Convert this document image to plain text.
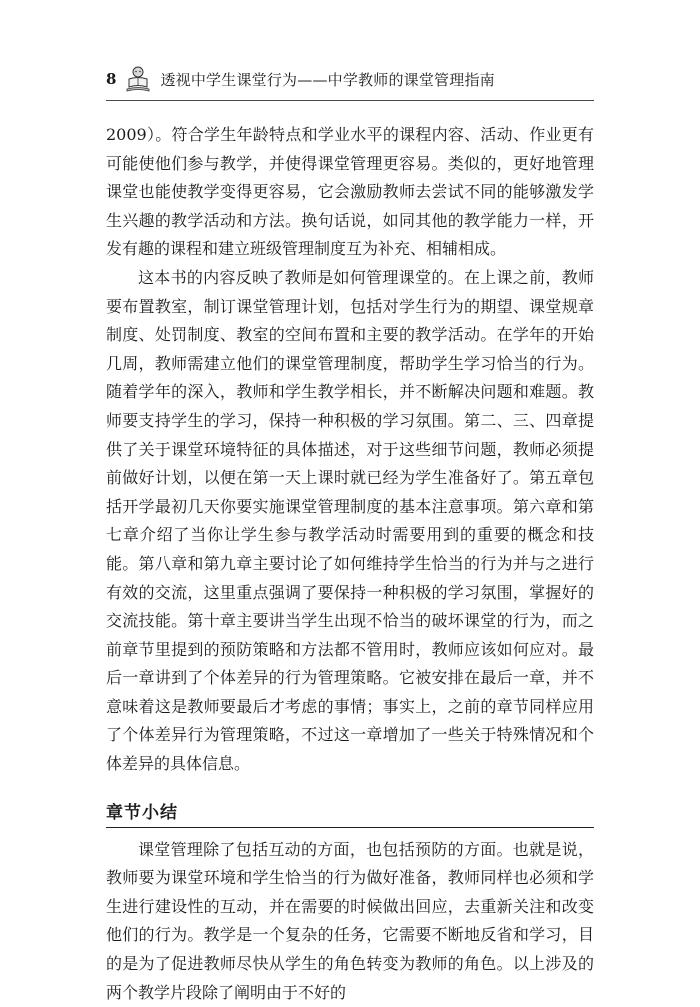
8	透视中学生课堂行为——中学教师的课堂管理指南

2009）。符合学生年龄特点和学业水平的课程内容、活动、作业更有可能使他们参与教学，并使得课堂管理更容易。类似的，更好地管理课堂也能使教学变得更容易，它会激励教师去尝试不同的能够激发学生兴趣的教学活动和方法。换句话说，如同其他的教学能力一样，开发有趣的课程和建立班级管理制度互为补充、相辅相成。

这本书的内容反映了教师是如何管理课堂的。在上课之前，教师要布置教室，制订课堂管理计划，包括对学生行为的期望、课堂规章制度、处罚制度、教室的空间布置和主要的教学活动。在学年的开始几周，教师需建立他们的课堂管理制度，帮助学生学习恰当的行为。随着学年的深入，教师和学生教学相长，并不断解决问题和难题。教师要支持学生的学习，保持一种积极的学习氛围。第二、三、四章提供了关于课堂环境特征的具体描述，对于这些细节问题，教师必须提前做好计划，以便在第一天上课时就已经为学生准备好了。第五章包括开学最初几天你要实施课堂管理制度的基本注意事项。第六章和第七章介绍了当你让学生参与教学活动时需要用到的重要的概念和技能。第八章和第九章主要讨论了如何维持学生恰当的行为并与之进行有效的交流，这里重点强调了要保持一种积极的学习氛围，掌握好的交流技能。第十章主要讲当学生出现不恰当的破坏课堂的行为，而之前章节里提到的预防策略和方法都不管用时，教师应该如何应对。最后一章讲到了个体差异的行为管理策略。它被安排在最后一章，并不意味着这是教师要最后才考虑的事情；事实上，之前的章节同样应用了个体差异行为管理策略，不过这一章增加了一些关于特殊情况和个体差异的具体信息。

章节小结

课堂管理除了包括互动的方面，也包括预防的方面。也就是说，教师要为课堂环境和学生恰当的行为做好准备，教师同样也必须和学生进行建设性的互动，并在需要的时候做出回应，去重新关注和改变他们的行为。教学是一个复杂的任务，它需要不断地反省和学习，目的是为了促进教师尽快从学生的角色转变为教师的角色。以上涉及的两个教学片段除了阐明由于不好的
